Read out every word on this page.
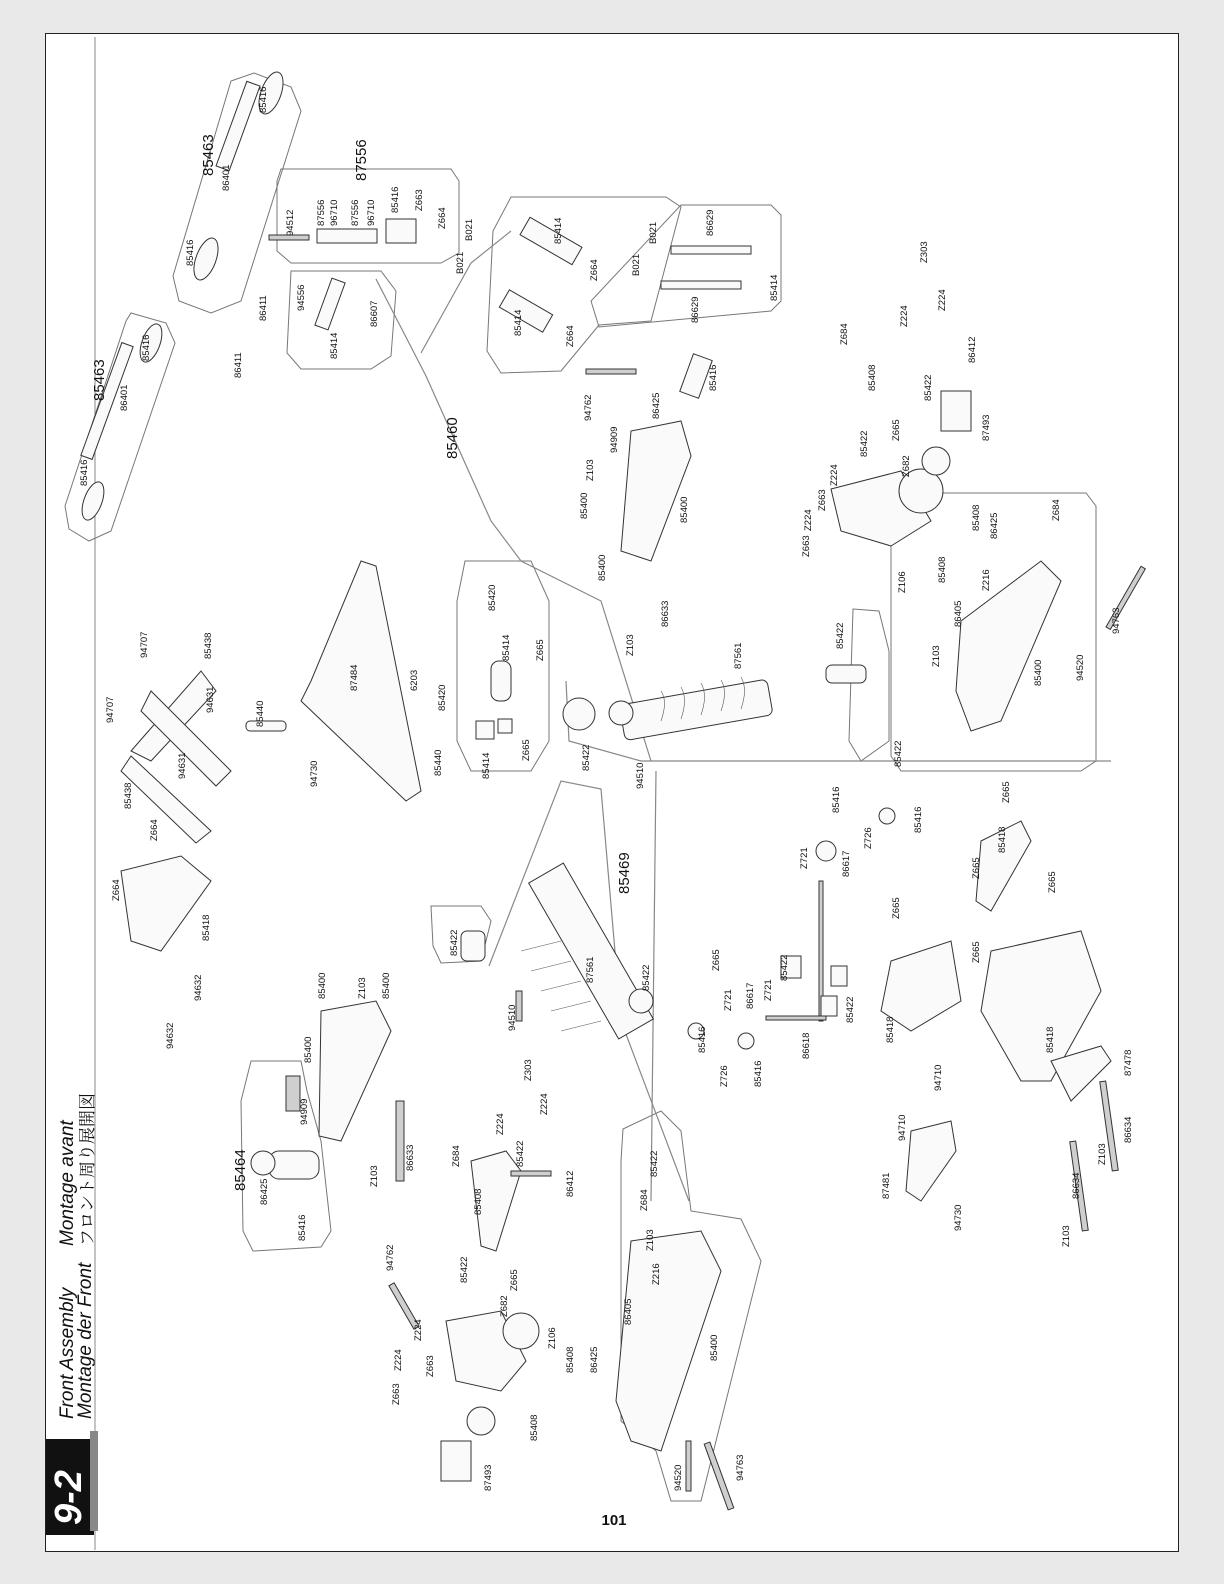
9-2
Front Assembly
Montage der Front
Montage avant フロント周り展開図
85463
85463
87556
85460
85469
85464
85416
86401
85416
85416
86401
85416
86411
86411
94512 87556 96710 87556 96710 85416 Z663
Z664
B021
B021
94556
85414
86607
85414
Z664
85414
Z664
B021
B021	86629
86629
85414
94762	86425
85416
94909
Z103
85400
85400
85400
Z303
Z224
Z224
Z684
85408	85422
86412
87493
85422
Z665
Z682
Z224
Z663
Z224
Z663
85408 86425
85408	Z216
Z106
Z684
86405
Z103
85400	94520
94763
86633
Z103	87561
85422
85422
85422
94510
85420
85414 Z665
85414
Z665
87484	6203
85420
85440
85440
94707
94707
85438
94631
94631
85438
94730
Z664
Z664
85418
94632
94632
85422
87561
94510
85422
85416
Z726
85416
Z721	86617
Z665
85418
Z665
Z665
Z665
Z665
85418	85418
94710
87478
Z665
Z721 86617 Z721
85422
85422
85416
Z726 85416
86618
94710
87481
94730
86634
Z103
86634
Z103
85400	Z103 85400
85400
94909
86633
Z103
86425
85416
Z303
Z224
Z224
85422
Z684
85408
86412
94762	85422	Z665
Z682
Z224
Z224 Z663
Z663
Z106
85408 86425
85408
87493
85422
Z684
Z103
Z216
86405
85400
94520	94763
101
